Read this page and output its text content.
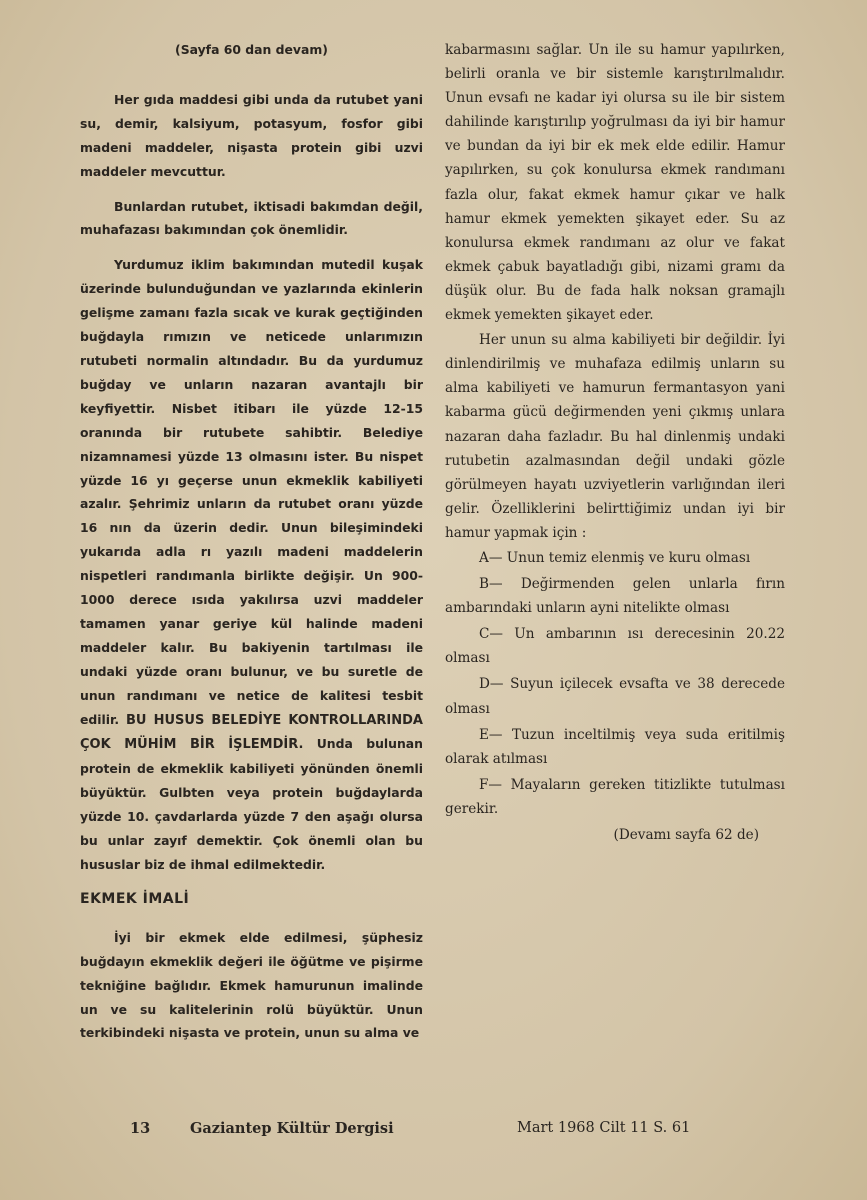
(Sayfa 60 dan devam)

Her gıda maddesi gibi unda da rutubet yani su, demir, kalsiyum, potasyum, fosfor gibi madeni maddeler, nişasta protein gibi uzvi maddeler mevcuttur.

Bunlardan rutubet, iktisadi bakımdan değil, muhafazası bakımından çok önemlidir.

Yurdumuz iklim bakımından mutedil kuşak üzerinde bulunduğundan ve yazlarında ekinlerin gelişme zamanı fazla sıcak ve kurak geçtiğinden buğdayla rımızın ve neticede unlarımızın rutubeti normalin altındadır. Bu da yurdumuz buğday ve unların nazaran avantajlı bir keyfiyettir. Nisbet itibarı ile yüzde 12-15 oranında bir rutubete sahibtir. Belediye nizamnamesi yüzde 13 olmasını ister. Bu nispet yüzde 16 yı geçerse unun ekmeklik kabiliyeti azalır. Şehrimiz unların da rutubet oranı yüzde 16 nın da üzerin dedir. Unun bileşimindeki yukarıda adla rı yazılı madeni maddelerin nispetleri randımanla birlikte değişir. Un 900-1000 derece ısıda yakılırsa uzvi maddeler tamamen yanar geriye kül halinde madeni maddeler kalır. Bu bakiyenin tartılması ile undaki yüzde oranı bulunur, ve bu suretle de unun randımanı ve netice de kalitesi tesbit edilir. BU HUSUS BELEDİYE KONTROLLARINDA ÇOK MÜHİM BİR İŞLEMDİR. Unda bulunan protein de ekmeklik kabiliyeti yönünden önemli büyüktür. Gulbten veya protein buğdaylarda yüzde 10. çavdarlarda yüzde 7 den aşağı olursa bu unlar zayıf demektir. Çok önemli olan bu hususlar biz de ihmal edilmektedir.

EKMEK İMALİ

İyi bir ekmek elde edilmesi, şüphesiz buğdayın ekmeklik değeri ile öğütme ve pişirme tekniğine bağlıdır. Ekmek hamurunun imalinde un ve su kalitelerinin rolü büyüktür. Unun terkibindeki nişasta ve protein, unun su alma ve

kabarmasını sağlar. Un ile su hamur yapılırken, belirli oranla ve bir sistemle karıştırılmalıdır. Unun evsafı ne kadar iyi olursa su ile bir sistem dahilinde karıştırılıp yoğrulması da iyi bir hamur ve bundan da iyi bir ek mek elde edilir. Hamur yapılırken, su çok konulursa ekmek randımanı fazla olur, fakat ekmek hamur çıkar ve halk hamur ekmek yemekten şikayet eder. Su az konulursa ekmek randımanı az olur ve fakat ekmek çabuk bayatladığı gibi, nizami gramı da düşük olur. Bu de fada halk noksan gramajlı ekmek yemekten şikayet eder.

Her unun su alma kabiliyeti bir değildir. İyi dinlendirilmiş ve muhafaza edilmiş unların su alma kabiliyeti ve hamurun fermantasyon yani kabarma gücü değirmenden yeni çıkmış unlara nazaran daha fazladır. Bu hal dinlenmiş undaki rutubetin azalmasından değil undaki gözle görülmeyen hayatı uzviyetlerin varlığından ileri gelir. Özelliklerini belirttiğimiz undan iyi bir hamur yapmak için :

A— Unun temiz elenmiş ve kuru olması

B— Değirmenden gelen unlarla fırın ambarındaki unların ayni nitelikte olması

C— Un ambarının ısı derecesinin 20.22 olması

D— Suyun içilecek evsafta ve 38 derecede olması

E— Tuzun inceltilmiş veya suda eritilmiş olarak atılması

F— Mayaların gereken titizlikte tutulması gerekir.

(Devamı sayfa 62 de)

13	Gaziantep Kültür Dergisi	Mart 1968 Cilt 11 S. 61
